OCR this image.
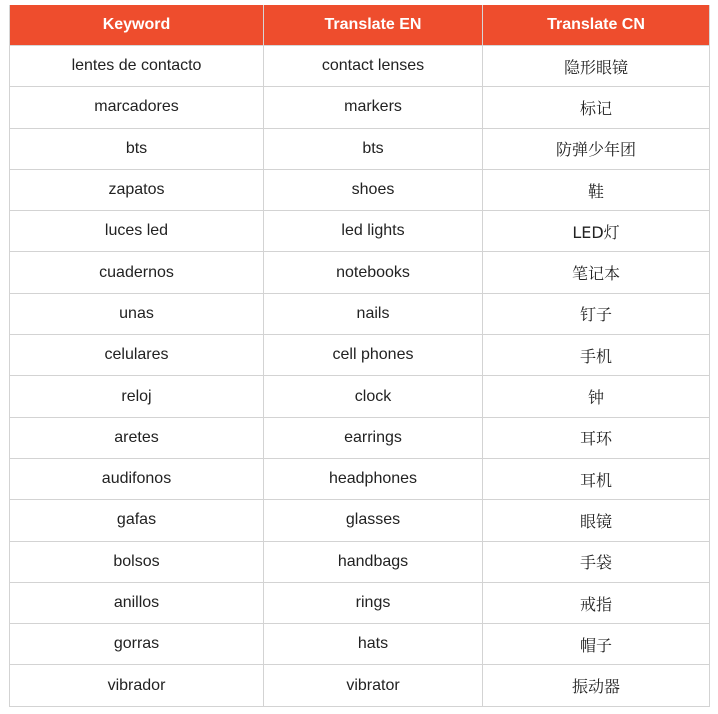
Keyword	Translate EN	Translate CN
lentes de contacto	contact lenses	隐形眼镜
marcadores	markers	标记
bts	bts	防弹少年团
zapatos	shoes	鞋
luces led	led lights	LED灯
cuadernos	notebooks	笔记本
unas	nails	钉子
celulares	cell phones	手机
reloj	clock	钟
aretes	earrings	耳环
audifonos	headphones	耳机
gafas	glasses	眼镜
bolsos	handbags	手袋
anillos	rings	戒指
gorras	hats	帽子
vibrador	vibrator	振动器
